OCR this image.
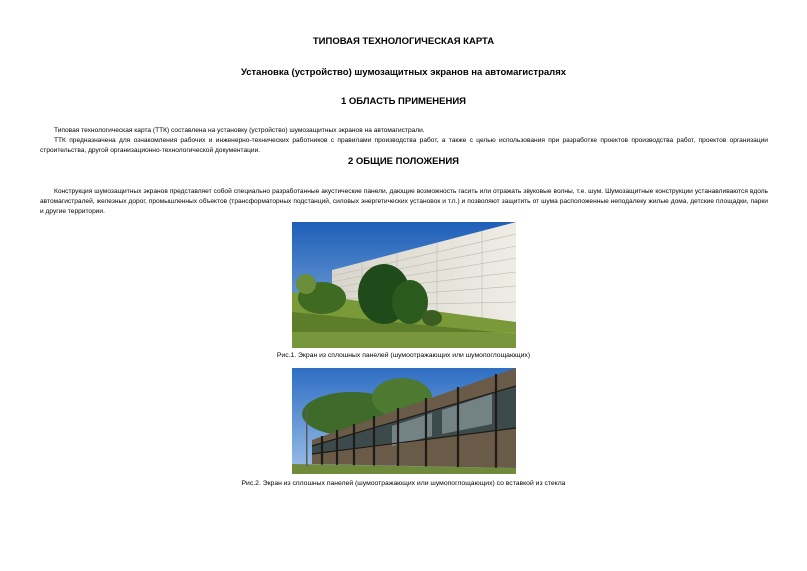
ТИПОВАЯ ТЕХНОЛОГИЧЕСКАЯ КАРТА
Установка (устройство) шумозащитных экранов на автомагистралях
1 ОБЛАСТЬ ПРИМЕНЕНИЯ

Типовая технологическая карта (ТТК) составлена на установку (устройство) шумозащитных экранов на автомагистрали.

ТТК предназначена для ознакомления рабочих и инженерно-технических работников с правилами производства работ, а также с целью использования при разработке проектов производства работ, проектов организации строительства, другой организационно-технологической документации.

2 ОБЩИЕ ПОЛОЖЕНИЯ

Конструкция шумозащитных экранов представляет собой специально разработанные акустические панели, дающие возможность гасить или отражать звуковые волны, т.е. шум. Шумозащитные конструкции устанавливаются вдоль автомагистралей, железных дорог, промышленных объектов (трансформаторных подстанций, силовых энергетических установок и т.п.) и позволяют защитить от шума расположенные неподалеку жилые дома, детские площадки, парки и другие территории.

Рис.1. Экран из сплошных панелей (шумоотражающих или шумопоглощающих)
Рис.2. Экран из сплошных панелей (шумоотражающих или шумопоглощающих) со вставкой из стекла
